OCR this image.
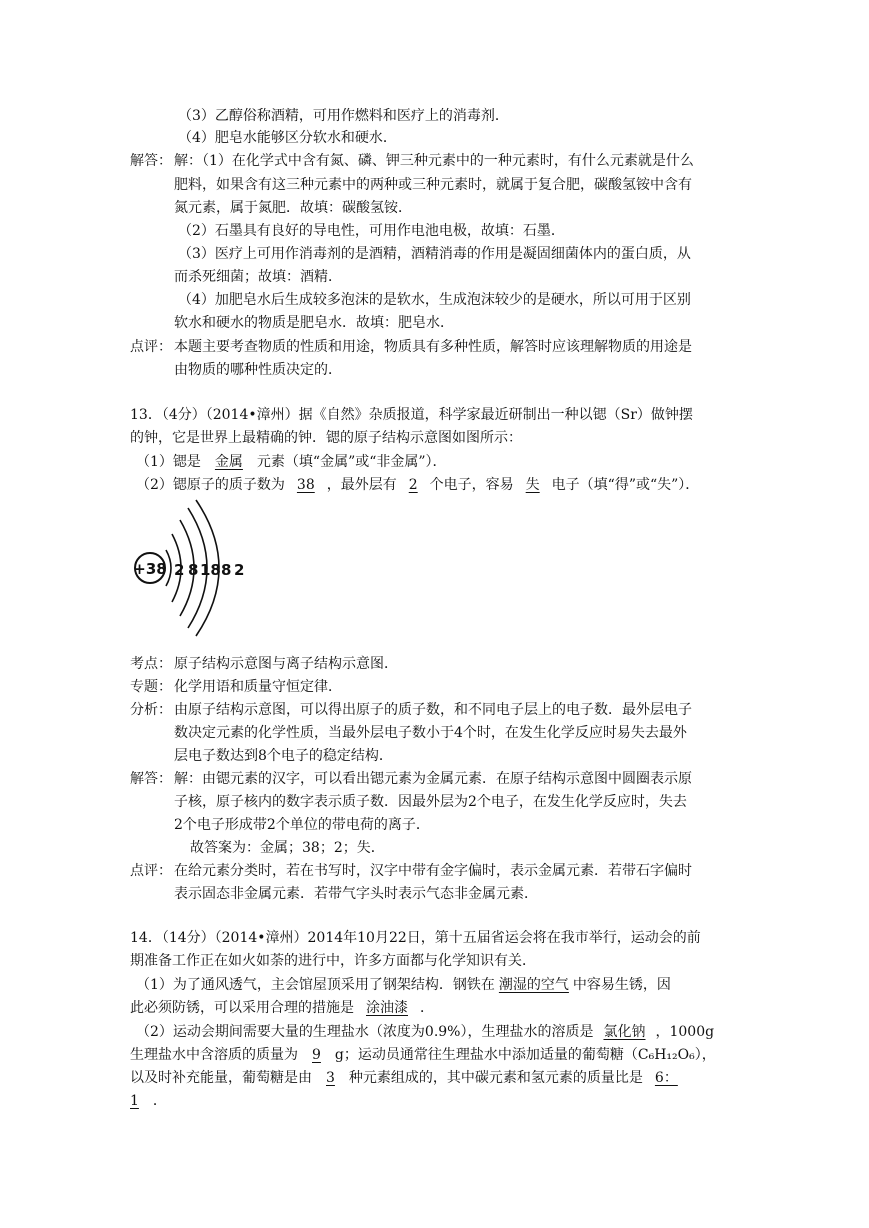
（3）乙醇俗称酒精，可用作燃料和医疗上的消毒剂．
（4）肥皂水能够区分软水和硬水．
解答： 解：（1）在化学式中含有氮、磷、钾三种元素中的一种元素时，有什么元素就是什么
肥料，如果含有这三种元素中的两种或三种元素时，就属于复合肥，碳酸氢铵中含有
氮元素，属于氮肥．故填：碳酸氢铵．
（2）石墨具有良好的导电性，可用作电池电极，故填：石墨．
（3）医疗上可用作消毒剂的是酒精，酒精消毒的作用是凝固细菌体内的蛋白质，从
而杀死细菌；故填：酒精．
（4）加肥皂水后生成较多泡沫的是软水，生成泡沫较少的是硬水，所以可用于区别
软水和硬水的物质是肥皂水．故填：肥皂水．
点评： 本题主要考查物质的性质和用途，物质具有多种性质，解答时应该理解物质的用途是
由物质的哪种性质决定的．
13．（4分）（2014•漳州）据《自然》杂质报道，科学家最近研制出一种以锶（Sr）做钟摆
的钟，它是世界上最精确的钟．锶的原子结构示意图如图所示：
（1）锶是 金属 元素（填“金属”或“非金属”）．
（2）锶原子的质子数为 38 ，最外层有 2 个电子，容易 失 电子（填“得”或“失”）．
+38 2 8 18 8 2
考点： 原子结构示意图与离子结构示意图．
专题： 化学用语和质量守恒定律．
分析： 由原子结构示意图，可以得出原子的质子数，和不同电子层上的电子数．最外层电子
数决定元素的化学性质，当最外层电子数小于4个时，在发生化学反应时易失去最外
层电子数达到8个电子的稳定结构．
解答： 解：由锶元素的汉字，可以看出锶元素为金属元素．在原子结构示意图中圆圈表示原
子核，原子核内的数字表示质子数．因最外层为2个电子，在发生化学反应时，失去
2个电子形成带2个单位的带电荷的离子．
故答案为：金属；38；2；失．
点评： 在给元素分类时，若在书写时，汉字中带有金字偏时，表示金属元素．若带石字偏时
表示固态非金属元素．若带气字头时表示气态非金属元素．
14．（14分）（2014•漳州）2014年10月22日，第十五届省运会将在我市举行，运动会的前
期准备工作正在如火如荼的进行中，许多方面都与化学知识有关．
（1）为了通风透气，主会馆屋顶采用了钢架结构．钢铁在 潮湿的空气 中容易生锈，因
此必须防锈，可以采用合理的措施是 涂油漆 ．
（2）运动会期间需要大量的生理盐水（浓度为0.9%），生理盐水的溶质是 氯化钠 ，1000g
生理盐水中含溶质的质量为 9 g；运动员通常往生理盐水中添加适量的葡萄糖（C₆H₁₂O₆），
以及时补充能量，葡萄糖是由 3 种元素组成的，其中碳元素和氢元素的质量比是 6：
1 ．
